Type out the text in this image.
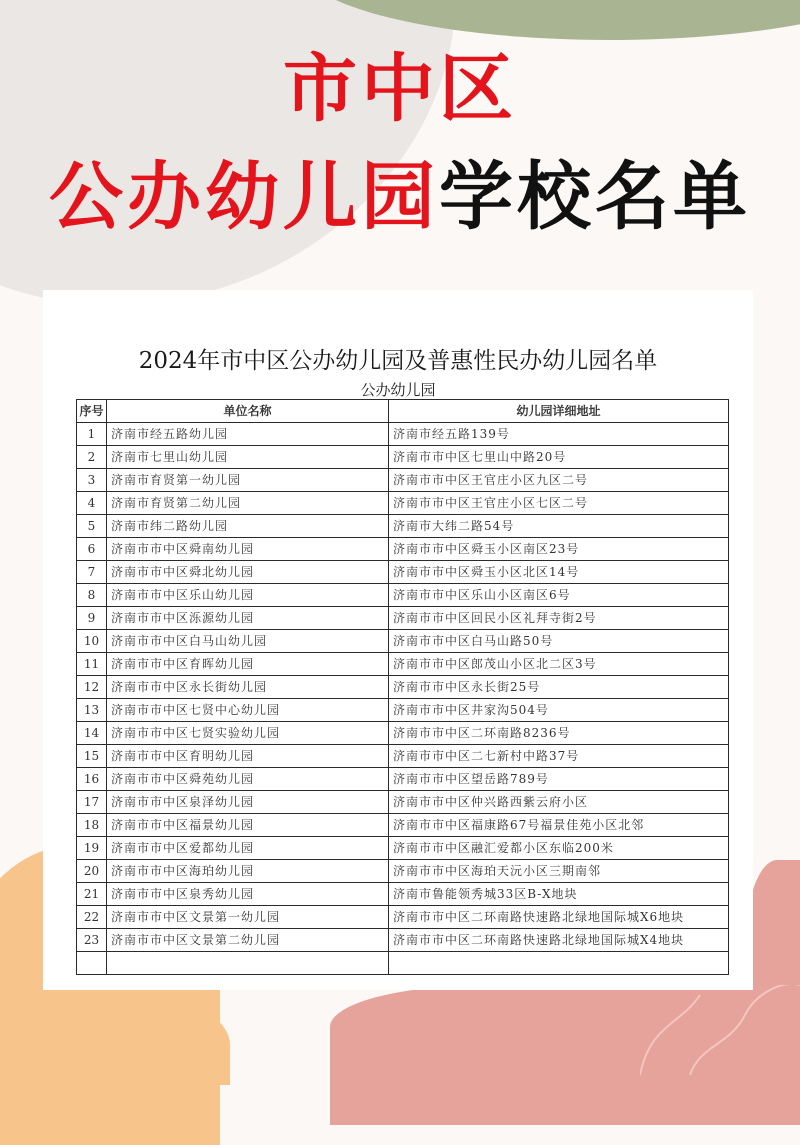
市中区
公办幼儿园学校名单
2024年市中区公办幼儿园及普惠性民办幼儿园名单
公办幼儿园
序号	单位名称	幼儿园详细地址
1	济南市经五路幼儿园	济南市经五路139号
2	济南市七里山幼儿园	济南市市中区七里山中路20号
3	济南市育贤第一幼儿园	济南市市中区王官庄小区九区二号
4	济南市育贤第二幼儿园	济南市市中区王官庄小区七区二号
5	济南市纬二路幼儿园	济南市大纬二路54号
6	济南市市中区舜南幼儿园	济南市市中区舜玉小区南区23号
7	济南市市中区舜北幼儿园	济南市市中区舜玉小区北区14号
8	济南市市中区乐山幼儿园	济南市市中区乐山小区南区6号
9	济南市市中区泺源幼儿园	济南市市中区回民小区礼拜寺街2号
10	济南市市中区白马山幼儿园	济南市市中区白马山路50号
11	济南市市中区育晖幼儿园	济南市市中区郎茂山小区北二区3号
12	济南市市中区永长街幼儿园	济南市市中区永长街25号
13	济南市市中区七贤中心幼儿园	济南市市中区井家沟504号
14	济南市市中区七贤实验幼儿园	济南市市中区二环南路8236号
15	济南市市中区育明幼儿园	济南市市中区二七新村中路37号
16	济南市市中区舜苑幼儿园	济南市市中区望岳路789号
17	济南市市中区泉泽幼儿园	济南市市中区仲兴路西紫云府小区
18	济南市市中区福景幼儿园	济南市市中区福康路67号福景佳苑小区北邻
19	济南市市中区爱都幼儿园	济南市市中区融汇爱都小区东临200米
20	济南市市中区海珀幼儿园	济南市市中区海珀天沅小区三期南邻
21	济南市市中区泉秀幼儿园	济南市鲁能领秀城33区B-X地块
22	济南市市中区文景第一幼儿园	济南市市中区二环南路快速路北绿地国际城X6地块
23	济南市市中区文景第二幼儿园	济南市市中区二环南路快速路北绿地国际城X4地块
